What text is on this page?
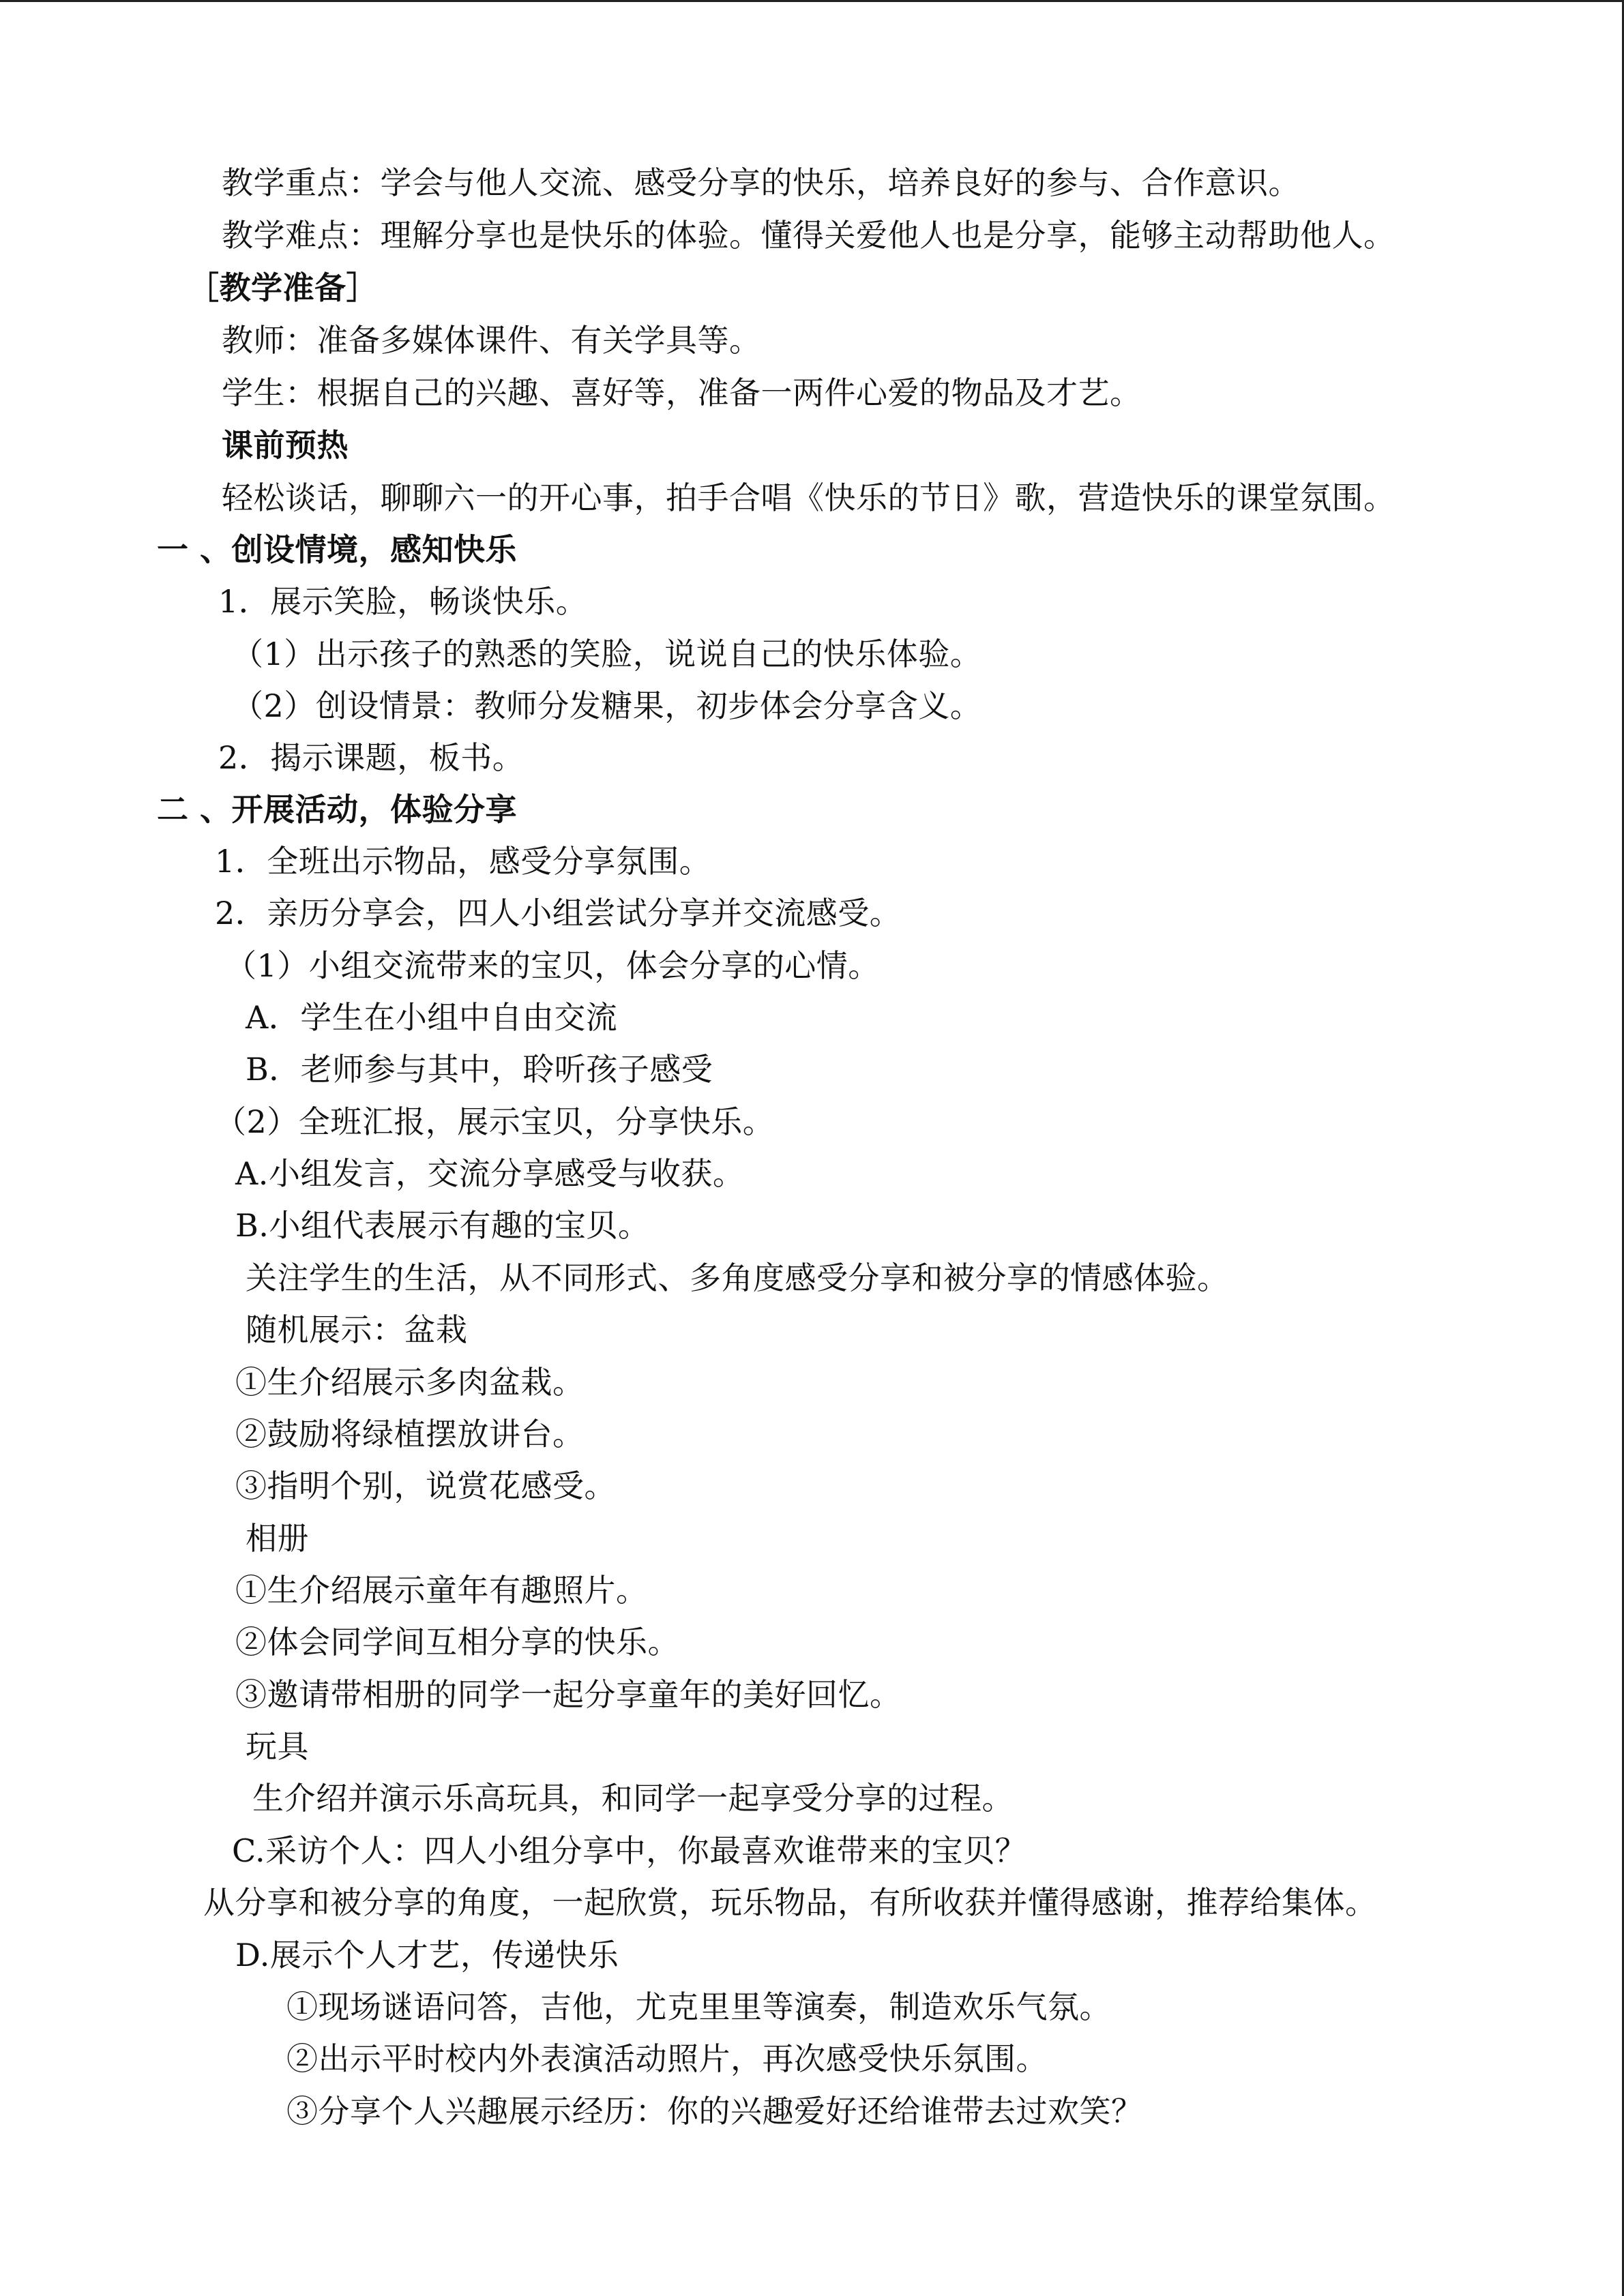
教学重点：学会与他人交流、感受分享的快乐，培养良好的参与、合作意识。
教学难点：理解分享也是快乐的体验。懂得关爱他人也是分享，能够主动帮助他人。
［教学准备］
教师：准备多媒体课件、有关学具等。
学生：根据自己的兴趣、喜好等，准备一两件心爱的物品及才艺。
课前预热
轻松谈话，聊聊六一的开心事，拍手合唱《快乐的节日》歌，营造快乐的课堂氛围。
一 、创设情境，感知快乐
1．展示笑脸，畅谈快乐。
（1）出示孩子的熟悉的笑脸，说说自己的快乐体验。
（2）创设情景：教师分发糖果，初步体会分享含义。
2．揭示课题，板书。
二 、开展活动，体验分享
1．全班出示物品，感受分享氛围。
2．亲历分享会，四人小组尝试分享并交流感受。
（1）小组交流带来的宝贝，体会分享的心情。
A．学生在小组中自由交流
B．老师参与其中，聆听孩子感受
（2）全班汇报，展示宝贝，分享快乐。
A.小组发言，交流分享感受与收获。
B.小组代表展示有趣的宝贝。
关注学生的生活，从不同形式、多角度感受分享和被分享的情感体验。
随机展示：盆栽
①生介绍展示多肉盆栽。
②鼓励将绿植摆放讲台。
③指明个别，说赏花感受。
相册
①生介绍展示童年有趣照片。
②体会同学间互相分享的快乐。
③邀请带相册的同学一起分享童年的美好回忆。
玩具
生介绍并演示乐高玩具，和同学一起享受分享的过程。
C.采访个人：四人小组分享中，你最喜欢谁带来的宝贝？
从分享和被分享的角度，一起欣赏，玩乐物品，有所收获并懂得感谢，推荐给集体。
D.展示个人才艺，传递快乐
①现场谜语问答，吉他，尤克里里等演奏，制造欢乐气氛。
②出示平时校内外表演活动照片，再次感受快乐氛围。
③分享个人兴趣展示经历：你的兴趣爱好还给谁带去过欢笑？
